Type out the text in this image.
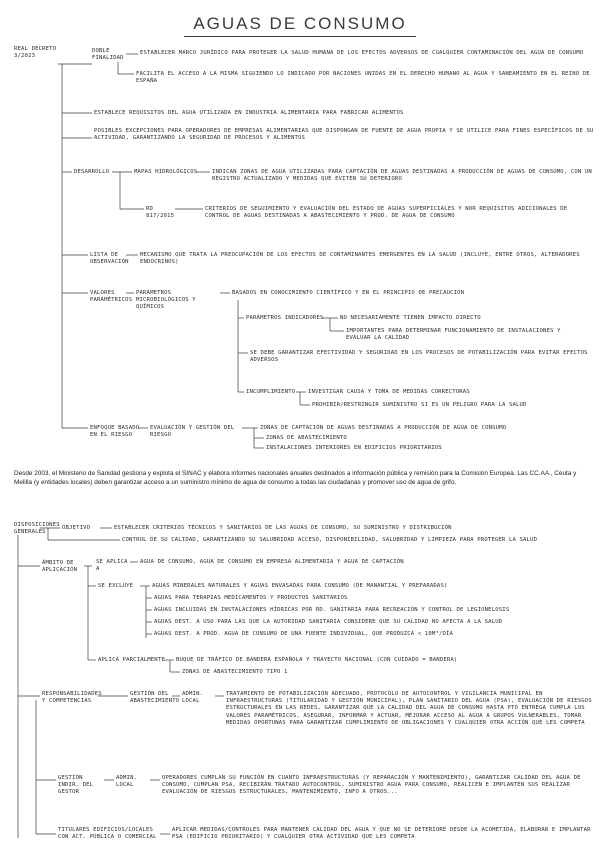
AGUAS DE CONSUMO
REAL DECRETO 3/2023
DOBLE FINALIDAD
ESTABLECER MARCO JURÍDICO PARA PROTEGER LA SALUD HUMANA DE LOS EFECTOS ADVERSOS DE CUALQUIER CONTAMINACIÓN DEL AGUA DE CONSUMO
FACILITA EL ACCESO A LA MISMA SIGUIENDO LO INDICADO POR NACIONES UNIDAS EN EL DERECHO HUMANO AL AGUA Y SANEAMIENTO EN EL REINO DE ESPAÑA
ESTABLECE REQUISITOS DEL AGUA UTILIZADA EN INDUSTRIA ALIMENTARIA PARA FABRICAR ALIMENTOS
POSIBLES EXCEPCIONES PARA OPERADORES DE EMPRESAS ALIMENTARIAS QUE DISPONGAN DE FUENTE DE AGUA PROPIA Y SE UTILICE PARA FINES ESPECÍFICOS DE SU ACTIVIDAD, GARANTIZANDO LA SEGURIDAD DE PROCESOS Y ALIMENTOS
DESARROLLO	MAPAS HIDROLÓGICOS	INDICAN ZONAS DE AGUA UTILIZADAS PARA CAPTACIÓN DE AGUAS DESTINADAS A PRODUCCIÓN DE AGUAS DE CONSUMO, CON UN REGISTRO ACTUALIZADO Y MEDIDAS QUE EVITEN SU DETERIORO
RD 817/2015
CRITERIOS DE SEGUIMIENTO Y EVALUACIÓN DEL ESTADO DE AGUAS SUPERFICIALES Y NOR REQUISITOS ADICIONALES DE CONTROL DE AGUAS DESTINADAS A ABASTECIMIENTO Y PROD. DE AGUA DE CONSUMO
LISTA DE OBSERVACIÓN
MECANISMO QUE TRATA LA PREOCUPACIÓN DE LOS EFECTOS DE CONTAMINANTES EMERGENTES EN LA SALUD (INCLUYE, ENTRE OTROS, ALTERADORES ENDOCRINOS)
VALORES PARAMÉTRICOS
PARÁMETROS MICROBIOLÓGICOS Y QUÍMICOS
BASADOS EN CONOCIMIENTO CIENTÍFICO Y EN EL PRINCIPIO DE PRECAUCIÓN
PARÁMETROS INDICADORES	NO NECESARIAMENTE TIENEN IMPACTO DIRECTO
IMPORTANTES PARA DETERMINAR FUNCIONAMIENTO DE INSTALACIONES Y EVALUAR LA CALIDAD
SE DEBE GARANTIZAR EFECTIVIDAD Y SEGURIDAD EN LOS PROCESOS DE POTABILIZACIÓN PARA EVITAR EFECTOS ADVERSOS
INCUMPLIMIENTO	INVESTIGAR CAUSA Y TOMA DE MEDIDAS CORRECTORAS
PROHIBIR/RESTRINGIR SUMINISTRO SI ES UN PELIGRO PARA LA SALUD
ENFOQUE BASADO EN EL RIESGO
EVALUACIÓN Y GESTIÓN DEL RIESGO
ZONAS DE CAPTACIÓN DE AGUAS DESTINADAS A PRODUCCIÓN DE AGUA DE CONSUMO
ZONAS DE ABASTECIMIENTO
INSTALACIONES INTERIORES EN EDIFICIOS PRIORITARIOS
Desde 2003, el Ministerio de Sanidad gestiona y explota el SINAC y elabora informes nacionales anuales destinados a información pública y remisión para la Comisión Europea. Las CC.AA., Ceuta y Melilla (y entidades locales) deben garantizar acceso a un suministro mínimo de agua de consumo a todas las ciudadanas y promover uso de agua de grifo.
DISPOSICIONES GENERALES
OBJETIVO	ESTABLECER CRITERIOS TÉCNICOS Y SANITARIOS DE LAS AGUAS DE CONSUMO, SU SUMINISTRO Y DISTRIBUCIÓN
CONTROL DE SU CALIDAD, GARANTIZANDO SU SALUBRIDAD ACCESO, DISPONIBILIDAD, SALUBRIDAD Y LIMPIEZA PARA PROTEGER LA SALUD
ÁMBITO DE APLICACIÓN
SE APLICA A
AGUA DE CONSUMO, AGUA DE CONSUMO EN EMPRESA ALIMENTARIA Y AGUA DE CAPTACIÓN
SE EXCLUYE	AGUAS MINERALES NATURALES Y AGUAS ENVASADAS PARA CONSUMO (DE MANANTIAL Y PREPARADAS)
AGUAS PARA TERAPIAS MEDICAMENTOS Y PRODUCTOS SANITARIOS
AGUAS INCLUIDAS EN INSTALACIONES HÍDRICAS POR RD. SANITARIA PARA RECREACIÓN Y CONTROL DE LEGIONELOSIS
AGUAS DEST. A USO PARA LAS QUE LA AUTORIDAD SANITARIA CONSIDERE QUE SU CALIDAD NO AFECTA A LA SALUD
AGUAS DEST. A PROD. AGUA DE CONSUMO DE UNA FUENTE INDIVIDUAL, QUE PRODUZCA < 10M³/DÍA
APLICA PARCIALMENTE BUQUE DE TRÁFICO DE BANDERA ESPAÑOLA Y TRAYECTO NACIONAL (CON CUIDADO = BANDERA)
ZONAS DE ABASTECIMIENTO TIPO 1
RESPONSABILIDADES Y COMPETENCIAS
GESTIÓN DEL ABASTECIMIENTO
ADMIN. LOCAL
TRATAMIENTO DE POTABILIZACIÓN ADECUADO, PROTOCOLO DE AUTOCONTROL Y VIGILANCIA MUNICIPAL EN INFRAESTRUCTURAS (TITULARIDAD Y GESTIÓN MUNICIPAL), PLAN SANITARIO DEL AGUA (PSA), EVALUACIÓN DE RIESGOS ESTRUCTURALES EN LAS REDES, GARANTIZAR QUE LA CALIDAD DEL AGUA DE CONSUMO HASTA PTO ENTREGA CUMPLA LOS VALORES PARAMÉTRICOS, ASEGURAR, INFORMAR Y ACTUAR, MEJORAR ACCESO AL AGUA A GRUPOS VULNERABLES, TOMAR MEDIDAS OPORTUNAS PARA GARANTIZAR CUMPLIMIENTO DE OBLIGACIONES Y CUALQUIER OTRA ACCIÓN QUE LES COMPETA
GESTIÓN INDIR. DEL GESTOR
ADMIN. LOCAL
OPERADORES CUMPLAN SU FUNCIÓN EN CUANTO INFRAESTRUCTURAS (Y REPARACIÓN Y MANTENIMIENTO), GARANTIZAR CALIDAD DEL AGUA DE CONSUMO, CUMPLAN PSA, RECIBIRÁN TRATADO AUTOCONTROL, SUMINISTRO AGUA PARA CONSUMO, REALICEN E IMPLANTEN SUS REALIZAR EVALUACIÓN DE RIESGOS ESTRUCTURALES, MANTENIMIENTO, INFO A OTROS...
TITULARES EDIFICIOS/LOCALES CON ACT. PÚBLICA O COMERCIAL
APLICAR MEDIDAS/CONTROLES PARA MANTENER CALIDAD DEL AGUA Y QUE NO SE DETERIORE DESDE LA ACOMETIDA, ELABORAR E IMPLANTAR PSA (EDIFICIO PRIORITARIO) Y CUALQUIER OTRA ACTIVIDAD QUE LES COMPETA
